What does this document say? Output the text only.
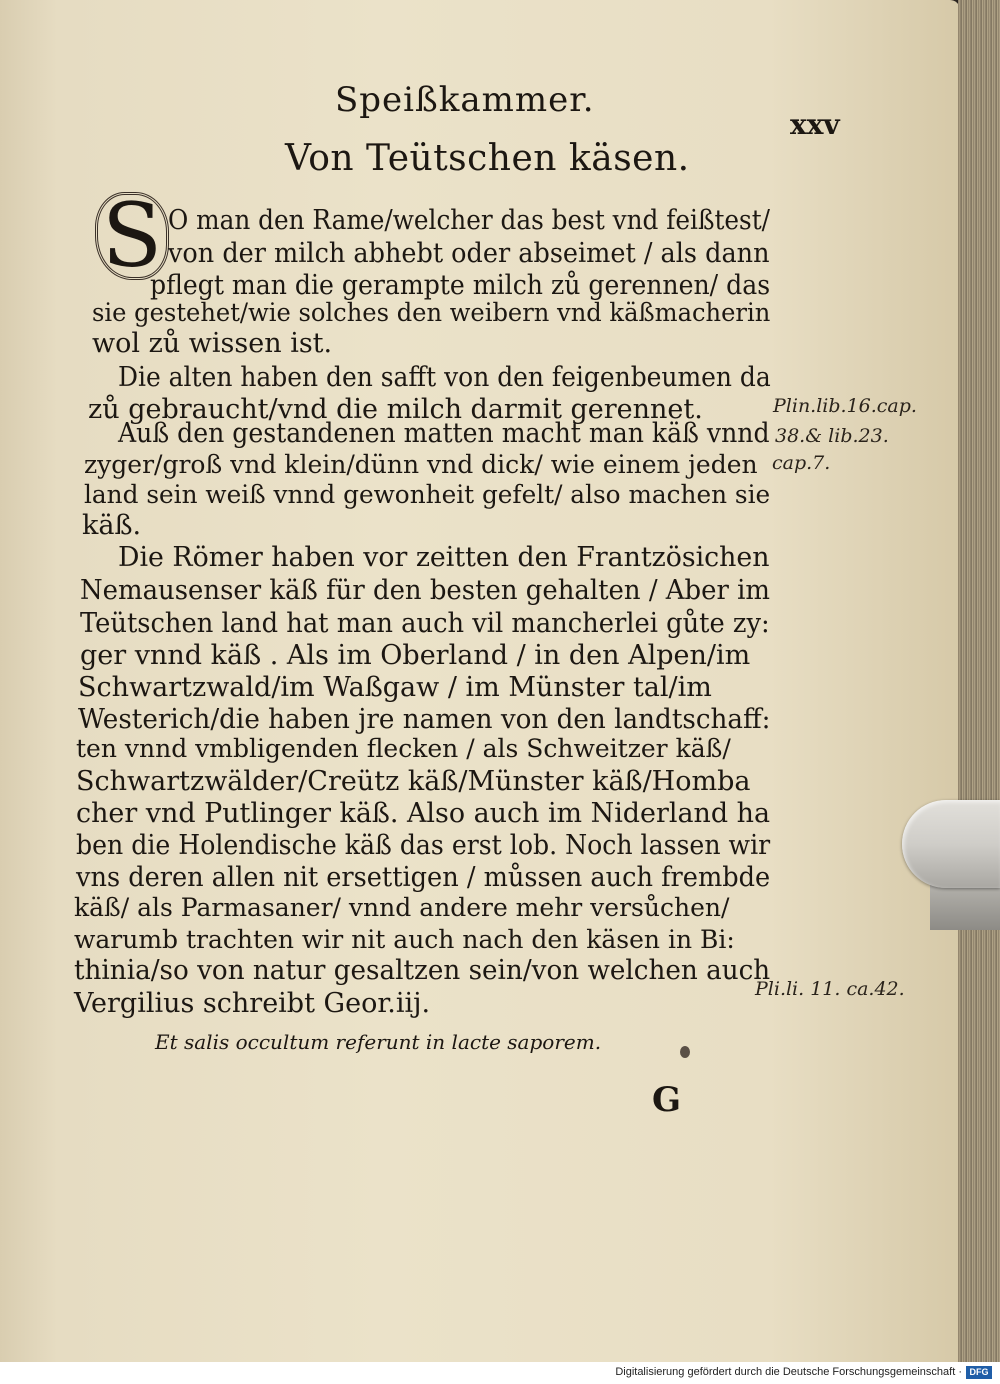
Speißkammer.
xxv
Von Teütschen käsen.
S O man den Rame/welcher das best vnd feißtest/
von der milch abhebt oder abseimet / als dann
pflegt man die gerampte milch zů gerennen/ das
sie gestehet/wie solches den weibern vnd käßmacherin
wol zů wissen ist.
Die alten haben den safft von den feigenbeumen da
zů gebraucht/vnd die milch darmit gerennet.
Auß den gestandenen matten macht man käß vnnd
zyger/groß vnd klein/dünn vnd dick/ wie einem jeden
land sein weiß vnnd gewonheit gefelt/ also machen sie
käß.
Die Römer haben vor zeitten den Frantzösichen
Nemausenser käß für den besten gehalten / Aber im
Teütschen land hat man auch vil mancherlei gůte zy:
ger vnnd käß . Als im Oberland / in den Alpen/im
Schwartzwald/im Waßgaw / im Münster tal/im
Westerich/die haben jre namen von den landtschaff:
ten vnnd vmbligenden flecken / als Schweitzer käß/
Schwartzwälder/Creütz käß/Münster käß/Homba
cher vnd Putlinger käß. Also auch im Niderland ha
ben die Holendische käß das erst lob. Noch lassen wir
vns deren allen nit ersettigen / můssen auch frembde
käß/ als Parmasaner/ vnnd andere mehr versůchen/
warumb trachten wir nit auch nach den käsen in Bi:
thinia/so von natur gesaltzen sein/von welchen auch
Vergilius schreibt Geor.iij.
Plin.lib.16.cap.
38.& lib.23.
cap.7.
Pli.li. 11. ca.42.
Et salis occultum referunt in lacte saporem.
G
Digitalisierung gefördert durch die Deutsche Forschungsgemeinschaft · DFG
